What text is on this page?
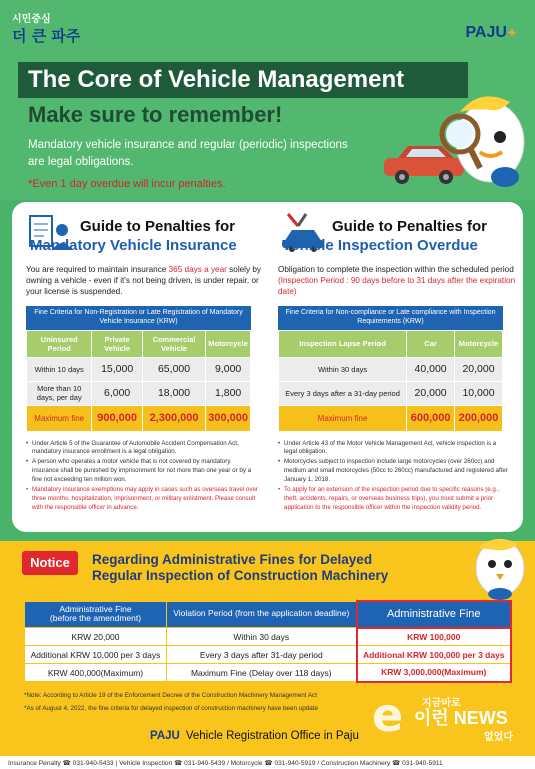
시민중심
더 큰 파주	PAJU✦
The Core of Vehicle Management
Make sure to remember!
Mandatory vehicle insurance and regular (periodic) inspections are legal obligations.
*Even 1 day overdue will incur penalties.
Guide to Penalties for
Mandatory Vehicle Insurance
You are required to maintain insurance 365 days a year solely by owning a vehicle - even if it's not being driven, is under repair, or your license is suspended.
Fine Criteria for Non-Registration or Late Registration of Mandatory Vehicle Insurance (KRW)
Uninsured Period	Private Vehicle	Commercial Vehicle	Motorcycle
Within 10 days	15,000	65,000	9,000
More than 10 days, per day	6,000	18,000	1,800
Maximum fine	900,000	2,300,000	300,000
• Under Article 5 of the Guarantee of Automobile Accident Compensation Act, mandatory insurance enrollment is a legal obligation.
• A person who operates a motor vehicle that is not covered by mandatory insurance shall be punished by imprisonment for not more than one year or by a fine not exceeding ten million won.
• Mandatory insurance exemptions may apply in cases such as overseas travel over three months, hospitalization, imprisonment, or military enlistment. Please consult with the responsible officer in advance.
Guide to Penalties for
Vehicle Inspection Overdue
Obligation to complete the inspection within the scheduled period (Inspection Period : 90 days before to 31 days after the expiration date)
Fine Criteria for Non-compliance or Late compliance with Inspection Requirements (KRW)
Inspection Lapse Period	Car	Motorcycle
Within 30 days	40,000	20,000
Every 3 days after a 31-day period	20,000	10,000
Maximum fine	600,000	200,000
• Under Article 43 of the Motor Vehicle Management Act, vehicle inspection is a legal obligation.
• Motorcycles subject to inspection include large motorcycles (over 260cc) and medium and small motorcycles (50cc to 260cc) manufactured and registered after January 1, 2018.
• To apply for an extension of the inspection period due to specific reasons (e.g., theft, accidents, repairs, or overseas business trips), you must submit a prior application to the responsible officer within the inspection validity period.
Notice	Regarding Administrative Fines for Delayed
Regular Inspection of Construction Machinery
Administrative Fine
(before the amendment)	Violation Period (from the application deadline)	Administrative Fine
KRW 20,000	Within 30 days	KRW 100,000
Additional KRW 10,000 per 3 days	Every 3 days after 31-day period	Additional KRW 100,000 per 3 days
KRW 400,000(Maximum)	Maximum Fine (Delay over 118 days)	KRW 3,000,000(Maximum)
*Note: According to Article 19 of the Enforcement Decree of the Construction Machinery Management Act
*As of August 4, 2022, the fine criteria for delayed inspection of construction machinery have been update
PAJU Vehicle Registration Office in Paju e 지금바로
이런 NEWS
없었다
Insurance Penalty ☎ 031-940-5433 | Vehicle Inspection ☎ 031-940-5439 / Motorcycle ☎ 031-940-5919 / Construction Machinery ☎ 031-940-5911
